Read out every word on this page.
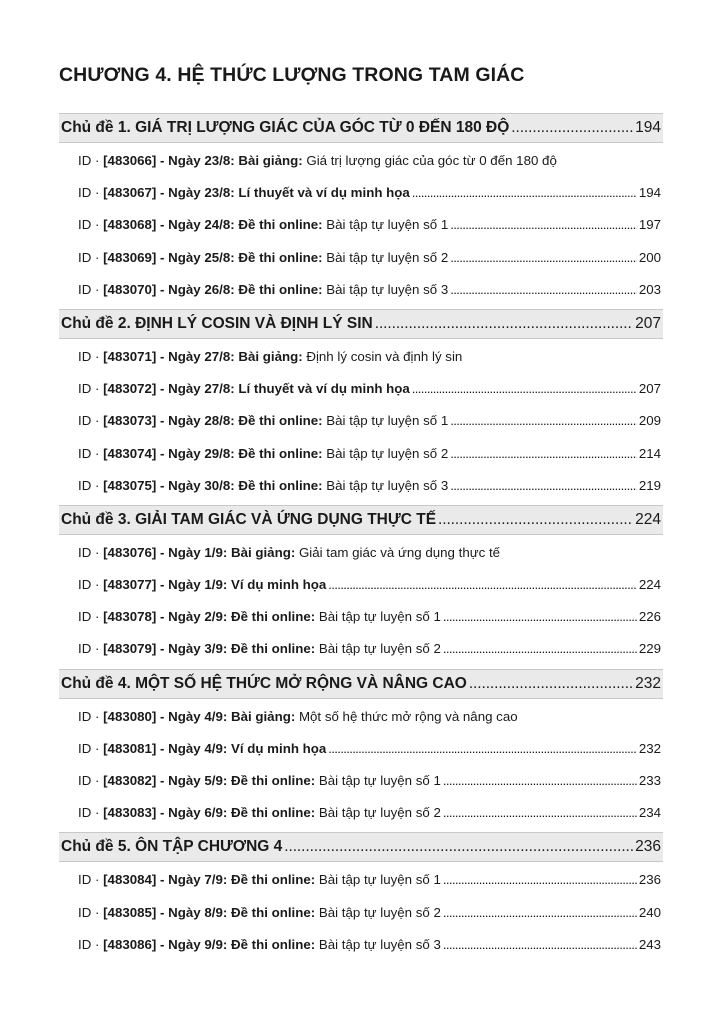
CHƯƠNG 4. HỆ THỨC LƯỢNG TRONG TAM GIÁC
Chủ đề 1. GIÁ TRỊ LƯỢNG GIÁC CỦA GÓC TỪ 0 ĐẾN 180 ĐỘ . . .	194
ID · [483066] - Ngày 23/8: Bài giảng: Giá trị lượng giác của góc từ 0 đến 180 độ
ID · [483067] - Ngày 23/8: Lí thuyết và ví dụ minh họa . . .	194
ID · [483068] - Ngày 24/8: Đề thi online: Bài tập tự luyện số 1 . . .	197
ID · [483069] - Ngày 25/8: Đề thi online: Bài tập tự luyện số 2 . . .	200
ID · [483070] - Ngày 26/8: Đề thi online: Bài tập tự luyện số 3 . . .	203
Chủ đề 2. ĐỊNH LÝ COSIN VÀ ĐỊNH LÝ SIN . . .	207
ID · [483071] - Ngày 27/8: Bài giảng: Định lý cosin và định lý sin
ID · [483072] - Ngày 27/8: Lí thuyết và ví dụ minh họa . . .	207
ID · [483073] - Ngày 28/8: Đề thi online: Bài tập tự luyện số 1 . . .	209
ID · [483074] - Ngày 29/8: Đề thi online: Bài tập tự luyện số 2 . . .	214
ID · [483075] - Ngày 30/8: Đề thi online: Bài tập tự luyện số 3 . . .	219
Chủ đề 3. GIẢI TAM GIÁC VÀ ỨNG DỤNG THỰC TẾ . . .	224
ID · [483076] - Ngày 1/9: Bài giảng: Giải tam giác và ứng dụng thực tế
ID · [483077] - Ngày 1/9: Ví dụ minh họa . . .	224
ID · [483078] - Ngày 2/9: Đề thi online: Bài tập tự luyện số 1 . . .	226
ID · [483079] - Ngày 3/9: Đề thi online: Bài tập tự luyện số 2 . . .	229
Chủ đề 4. MỘT SỐ HỆ THỨC MỞ RỘNG VÀ NÂNG CAO . . .	232
ID · [483080] - Ngày 4/9: Bài giảng: Một số hệ thức mở rộng và nâng cao
ID · [483081] - Ngày 4/9: Ví dụ minh họa . . .	232
ID · [483082] - Ngày 5/9: Đề thi online: Bài tập tự luyện số 1 . . .	233
ID · [483083] - Ngày 6/9: Đề thi online: Bài tập tự luyện số 2 . . .	234
Chủ đề 5. ÔN TẬP CHƯƠNG 4 . . .	236
ID · [483084] - Ngày 7/9: Đề thi online: Bài tập tự luyện số 1 . . .	236
ID · [483085] - Ngày 8/9: Đề thi online: Bài tập tự luyện số 2 . . .	240
ID · [483086] - Ngày 9/9: Đề thi online: Bài tập tự luyện số 3 . . .	243
